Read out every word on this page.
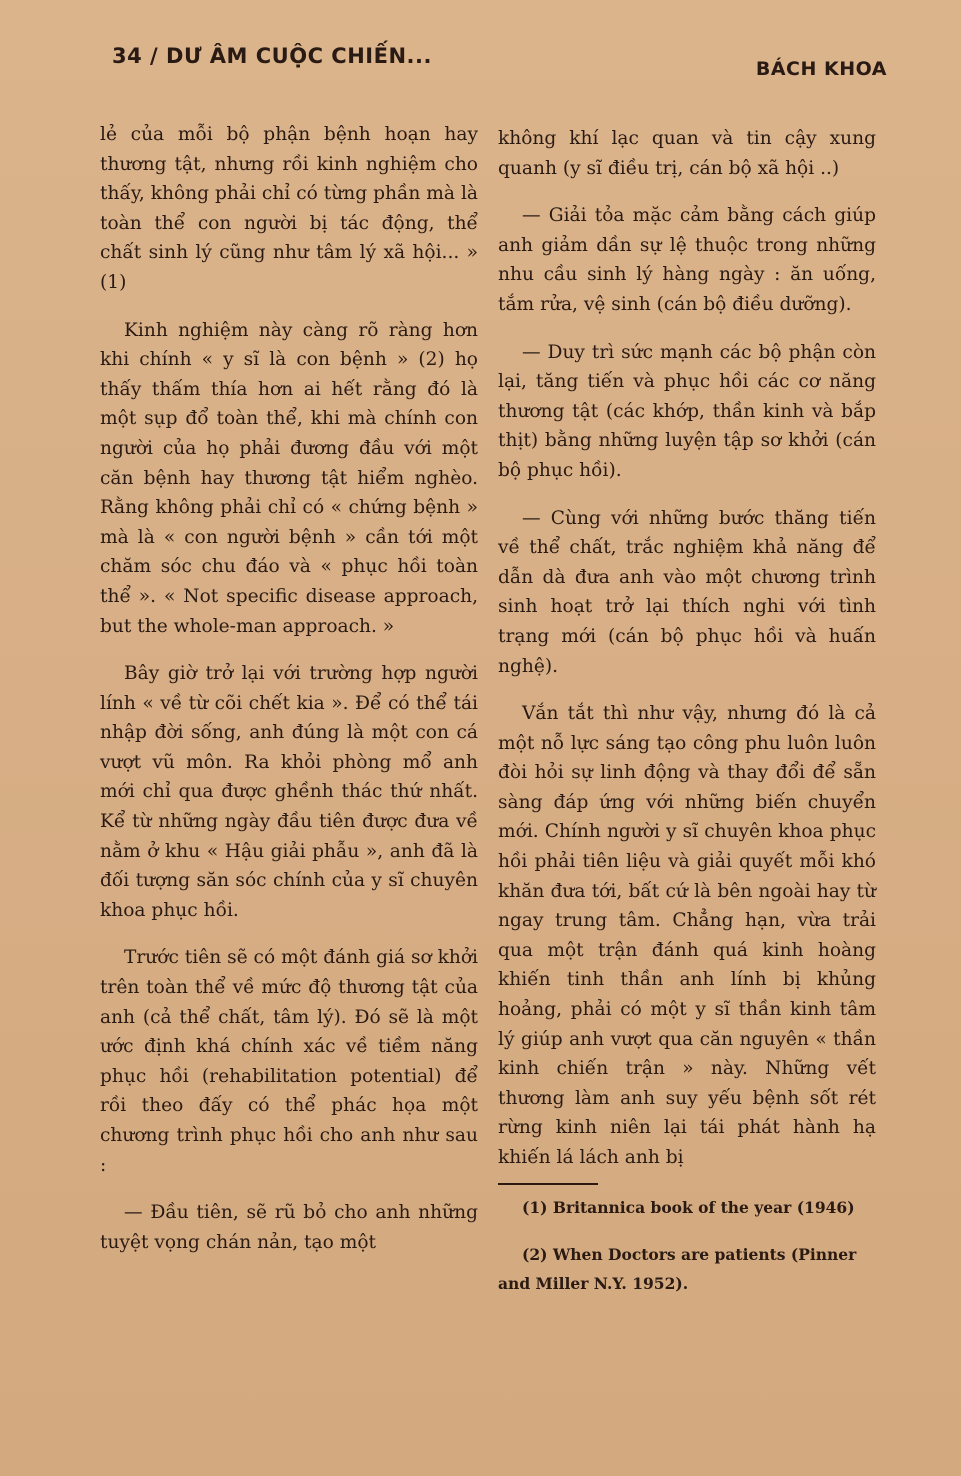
34 / DƯ ÂM CUỘC CHIẾN...
BÁCH KHOA

lẻ của mỗi bộ phận bệnh hoạn hay thương tật, nhưng rồi kinh nghiệm cho thấy, không phải chỉ có từng phần mà là toàn thể con người bị tác động, thể chất sinh lý cũng như tâm lý xã hội... » (1)

Kinh nghiệm này càng rõ ràng hơn khi chính « y sĩ là con bệnh » (2) họ thấy thấm thía hơn ai hết rằng đó là một sụp đổ toàn thể, khi mà chính con người của họ phải đương đầu với một căn bệnh hay thương tật hiểm nghèo. Rằng không phải chỉ có « chứng bệnh » mà là « con người bệnh » cần tới một chăm sóc chu đáo và « phục hồi toàn thể ». « Not specific disease approach, but the whole-man approach. »

Bây giờ trở lại với trường hợp người lính « về từ cõi chết kia ». Để có thể tái nhập đời sống, anh đúng là một con cá vượt vũ môn. Ra khỏi phòng mổ anh mới chỉ qua được ghềnh thác thứ nhất. Kể từ những ngày đầu tiên được đưa về nằm ở khu « Hậu giải phẫu », anh đã là đối tượng săn sóc chính của y sĩ chuyên khoa phục hồi.

Trước tiên sẽ có một đánh giá sơ khởi trên toàn thể về mức độ thương tật của anh (cả thể chất, tâm lý). Đó sẽ là một ước định khá chính xác về tiềm năng phục hồi (rehabilitation potential) để rồi theo đấy có thể phác họa một chương trình phục hồi cho anh như sau :

— Đầu tiên, sẽ rũ bỏ cho anh những tuyệt vọng chán nản, tạo một

không khí lạc quan và tin cậy xung quanh (y sĩ điều trị, cán bộ xã hội ..)

— Giải tỏa mặc cảm bằng cách giúp anh giảm dần sự lệ thuộc trong những nhu cầu sinh lý hàng ngày : ăn uống, tắm rửa, vệ sinh (cán bộ điều dưỡng).

— Duy trì sức mạnh các bộ phận còn lại, tăng tiến và phục hồi các cơ năng thương tật (các khớp, thần kinh và bắp thịt) bằng những luyện tập sơ khởi (cán bộ phục hồi).

— Cùng với những bước thăng tiến về thể chất, trắc nghiệm khả năng để dẫn dà đưa anh vào một chương trình sinh hoạt trở lại thích nghi với tình trạng mới (cán bộ phục hồi và huấn nghệ).

Vắn tắt thì như vậy, nhưng đó là cả một nỗ lực sáng tạo công phu luôn luôn đòi hỏi sự linh động và thay đổi để sẵn sàng đáp ứng với những biến chuyển mới. Chính người y sĩ chuyên khoa phục hồi phải tiên liệu và giải quyết mỗi khó khăn đưa tới, bất cứ là bên ngoài hay từ ngay trung tâm. Chẳng hạn, vừa trải qua một trận đánh quá kinh hoàng khiến tinh thần anh lính bị khủng hoảng, phải có một y sĩ thần kinh tâm lý giúp anh vượt qua căn nguyên « thần kinh chiến trận » này. Những vết thương làm anh suy yếu bệnh sốt rét rừng kinh niên lại tái phát hành hạ khiến lá lách anh bị

(1) Britannica book of the year (1946)

(2) When Doctors are patients (Pinner and Miller N.Y. 1952).
